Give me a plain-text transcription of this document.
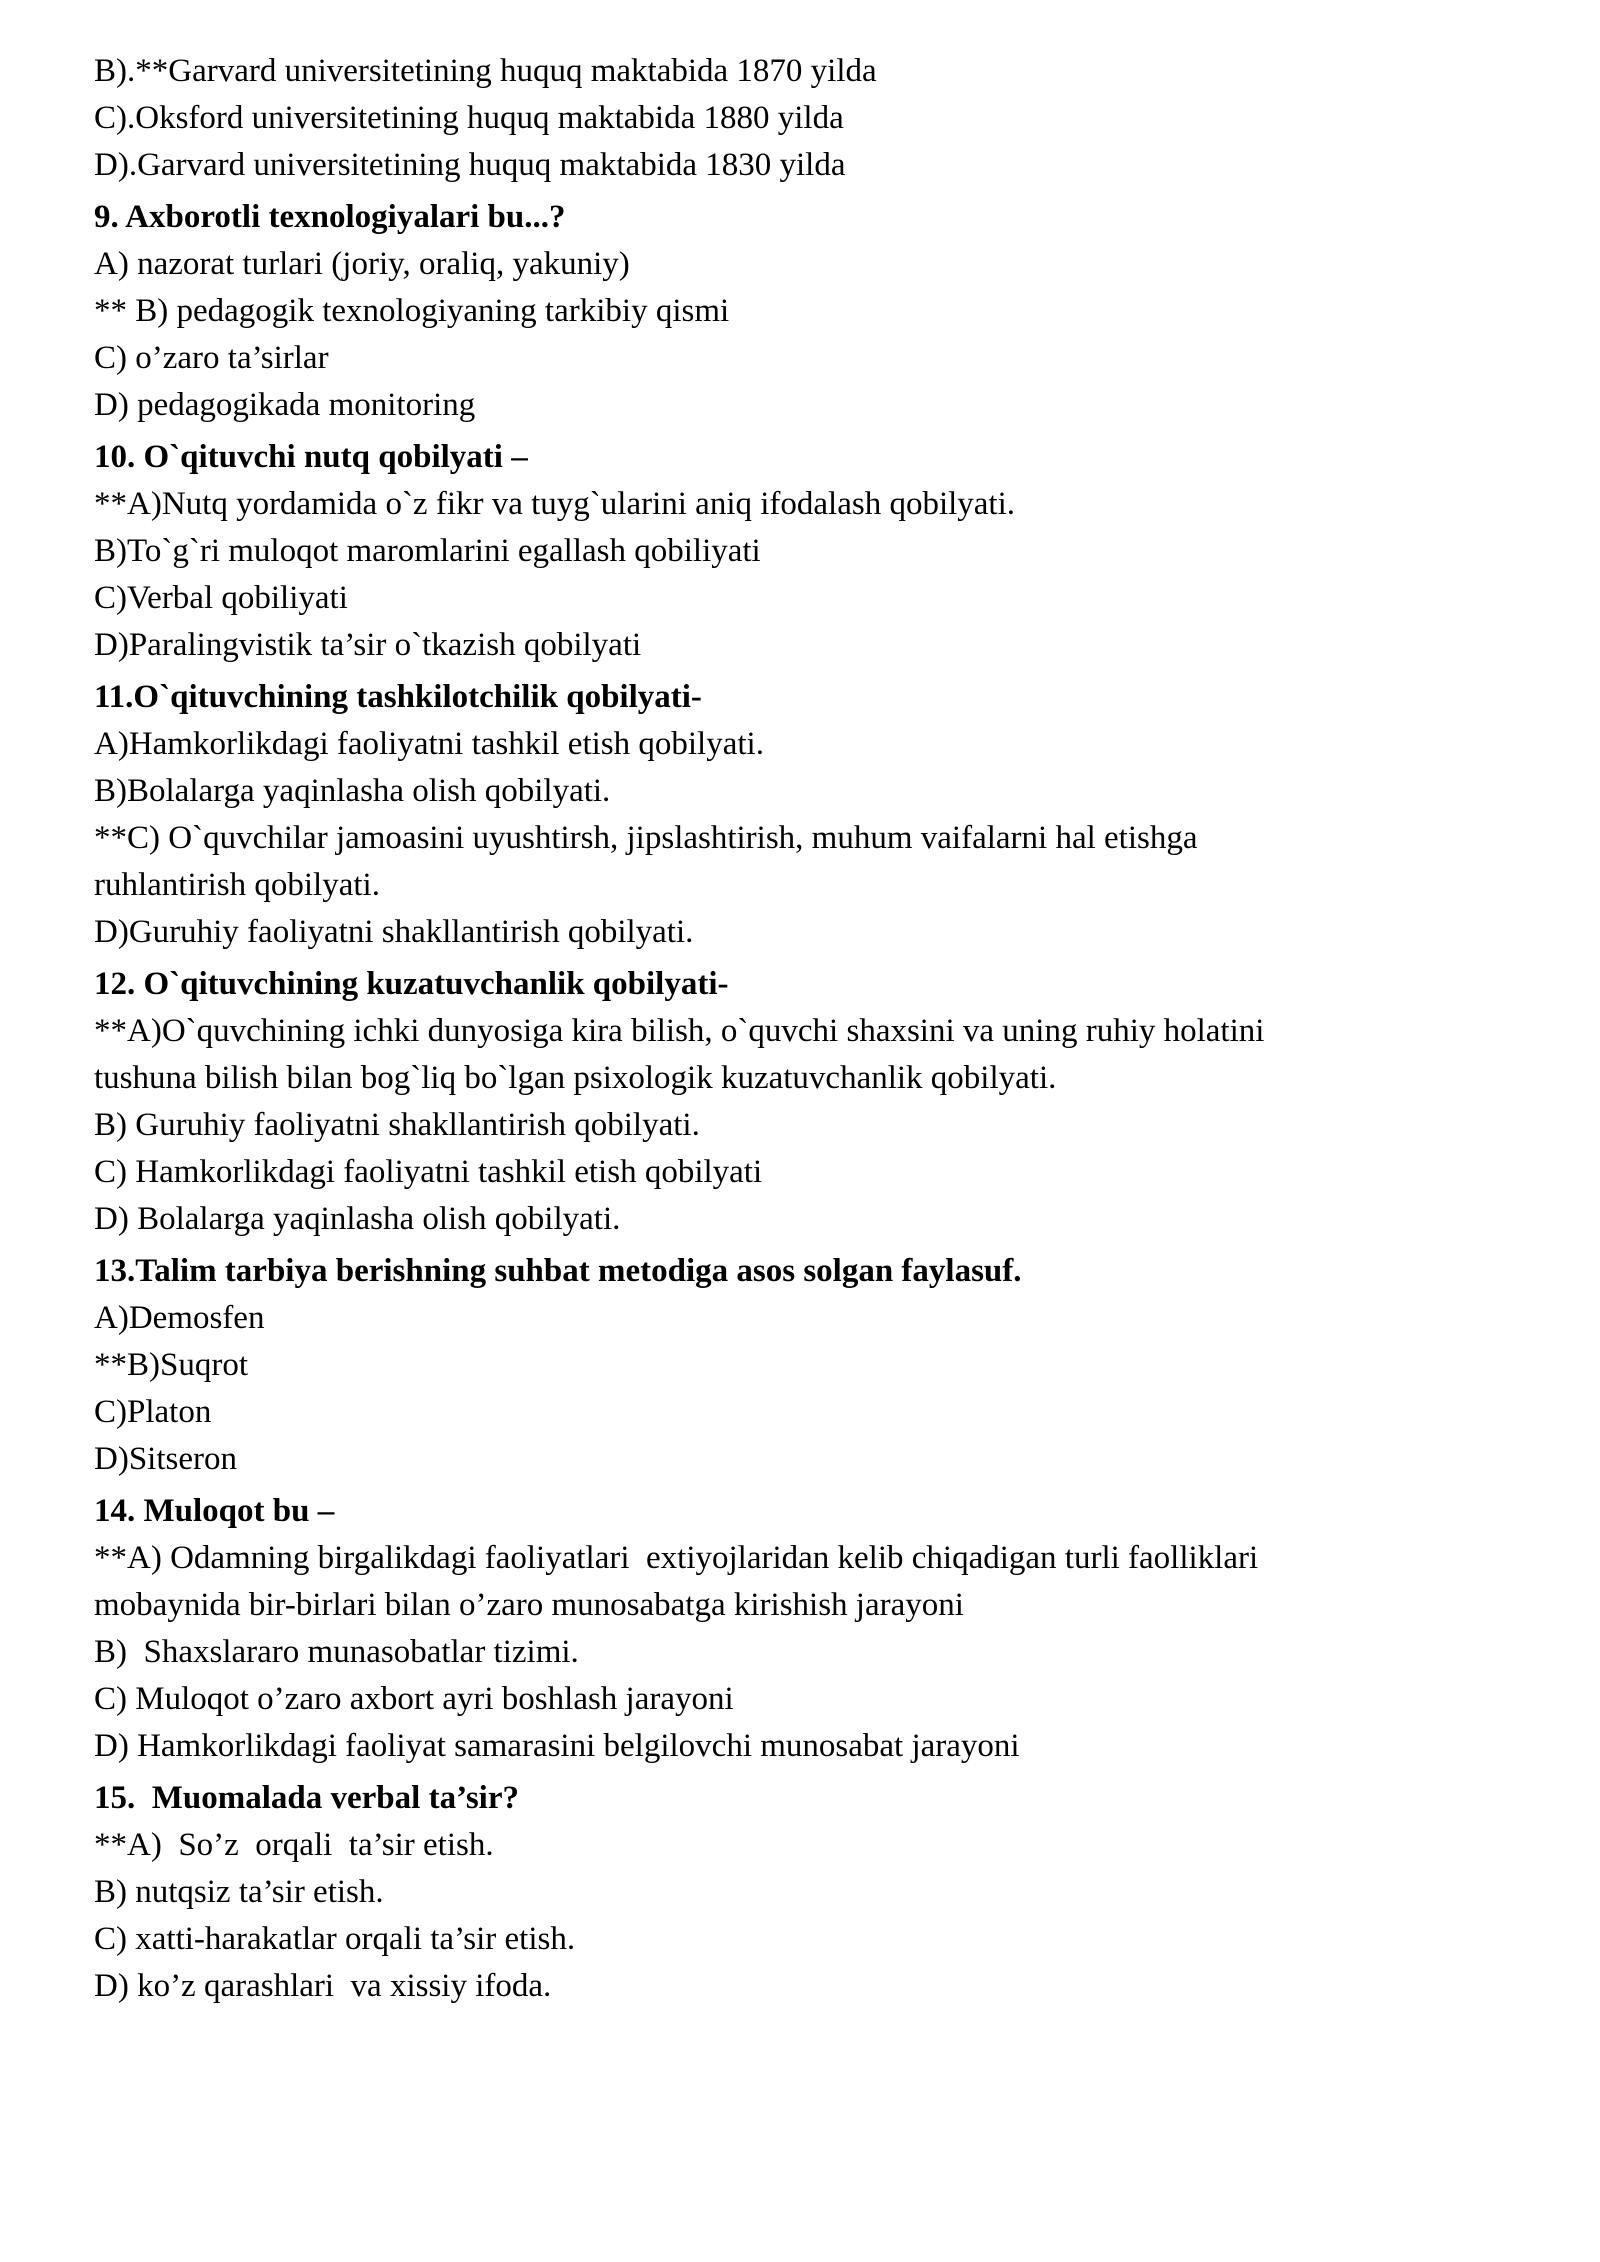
B).**Garvard universitetining huquq maktabida 1870 yilda

C).Oksford universitetining huquq maktabida 1880 yilda

D).Garvard universitetining huquq maktabida 1830 yilda

9. Axborotli texnologiyalari bu...?

A) nazorat turlari (joriy, oraliq, yakuniy)

** B) pedagogik texnologiyaning tarkibiy qismi

C) o’zaro ta’sirlar

D) pedagogikada monitoring

10. O`qituvchi nutq qobilyati –

**A)Nutq yordamida o`z fikr va tuyg`ularini aniq ifodalash qobilyati.

B)To`g`ri muloqot maromlarini egallash qobiliyati

C)Verbal qobiliyati

D)Paralingvistik ta’sir o`tkazish qobilyati

11.O`qituvchining tashkilotchilik qobilyati-

A)Hamkorlikdagi faoliyatni tashkil etish qobilyati.

B)Bolalarga yaqinlasha olish qobilyati.

**C) O`quvchilar jamoasini uyushtirsh, jipslashtirish, muhum vaifalarni hal etishga

ruhlantirish qobilyati.

D)Guruhiy faoliyatni shakllantirish qobilyati.

12. O`qituvchining kuzatuvchanlik qobilyati-

**A)O`quvchining ichki dunyosiga kira bilish, o`quvchi shaxsini va uning ruhiy holatini

tushuna bilish bilan bog`liq bo`lgan psixologik kuzatuvchanlik qobilyati.

B) Guruhiy faoliyatni shakllantirish qobilyati.

C) Hamkorlikdagi faoliyatni tashkil etish qobilyati

D) Bolalarga yaqinlasha olish qobilyati.

13.Talim tarbiya berishning suhbat metodiga asos solgan faylasuf.

A)Demosfen

**B)Suqrot

C)Platon

D)Sitseron

14. Muloqot bu –

**A) Odamning birgalikdagi faoliyatlari  extiyojlaridan kelib chiqadigan turli faolliklari

mobaynida bir-birlari bilan o’zaro munosabatga kirishish jarayoni

B)  Shaxslararo munasobatlar tizimi.

C) Muloqot o’zaro axbort ayri boshlash jarayoni

D) Hamkorlikdagi faoliyat samarasini belgilovchi munosabat jarayoni

15.  Muomalada verbal ta’sir?

**A)  So’z  orqali  ta’sir etish.

B) nutqsiz ta’sir etish.

C) xatti-harakatlar orqali ta’sir etish.

D) ko’z qarashlari  va xissiy ifoda.
